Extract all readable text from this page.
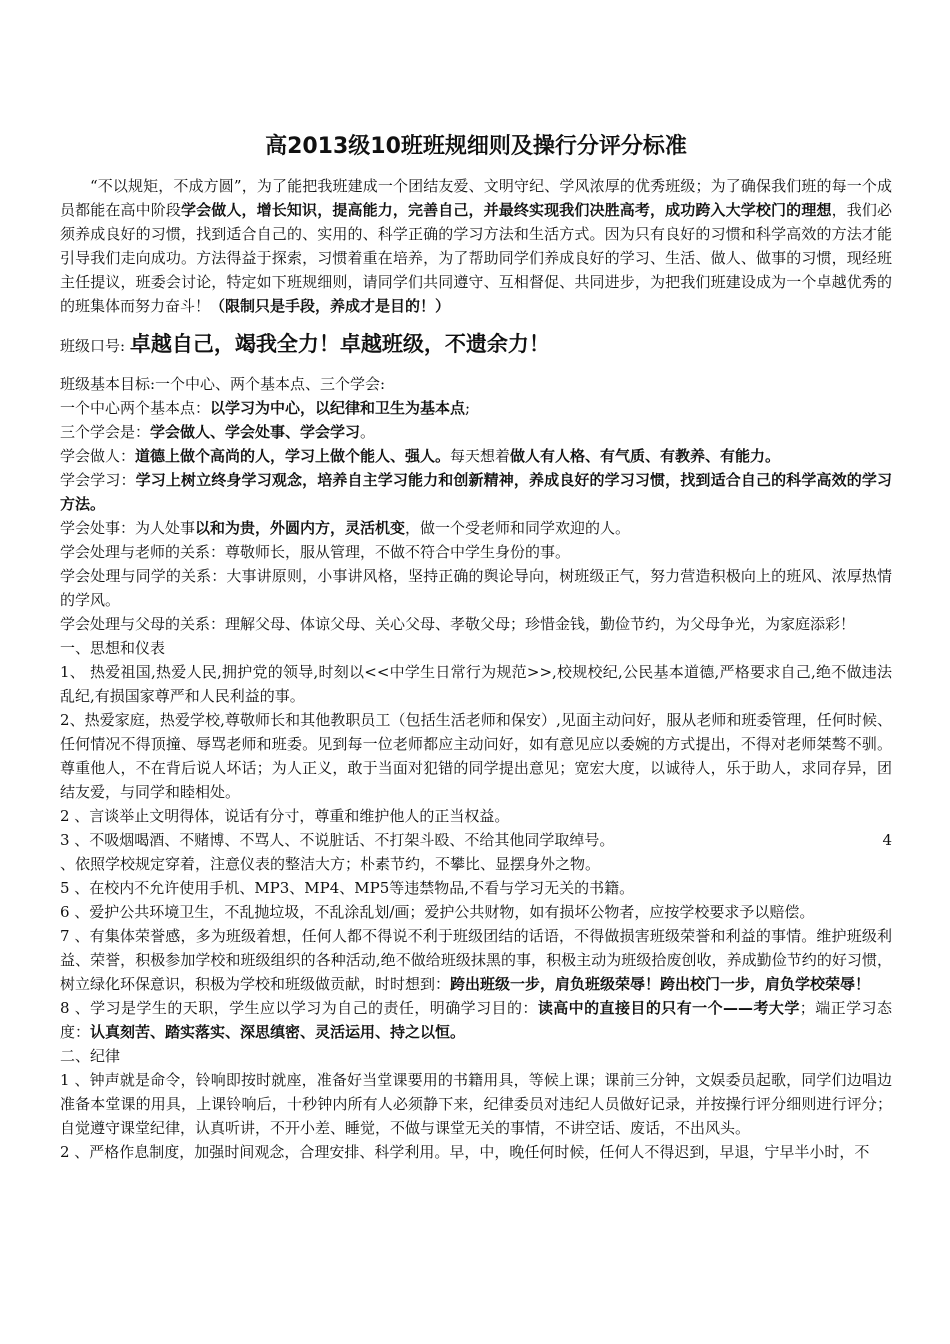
高2013级10班班规细则及操行分评分标准

“不以规矩，不成方圆”，为了能把我班建成一个团结友爱、文明守纪、学风浓厚的优秀班级；为了确保我们班的每一个成员都能在高中阶段学会做人，增长知识，提高能力，完善自己，并最终实现我们决胜高考，成功跨入大学校门的理想，我们必须养成良好的习惯，找到适合自己的、实用的、科学正确的学习方法和生活方式。因为只有良好的习惯和科学高效的方法才能引导我们走向成功。方法得益于探索，习惯着重在培养，为了帮助同学们养成良好的学习、生活、做人、做事的习惯，现经班主任提议，班委会讨论，特定如下班规细则，请同学们共同遵守、互相督促、共同进步，为把我们班建设成为一个卓越优秀的的班集体而努力奋斗！（限制只是手段，养成才是目的！）

班级口号: 卓越自己，竭我全力！卓越班级，不遗余力！

班级基本目标:一个中心、两个基本点、三个学会:

一个中心两个基本点：以学习为中心，以纪律和卫生为基本点;

三个学会是：学会做人、学会处事、学会学习。

学会做人：道德上做个高尚的人，学习上做个能人、强人。每天想着做人有人格、有气质、有教养、有能力。

学会学习：学习上树立终身学习观念，培养自主学习能力和创新精神，养成良好的学习习惯，找到适合自己的科学高效的学习方法。

学会处事：为人处事以和为贵，外圆内方，灵活机变，做一个受老师和同学欢迎的人。

学会处理与老师的关系：尊敬师长，服从管理，不做不符合中学生身份的事。

学会处理与同学的关系：大事讲原则，小事讲风格，坚持正确的舆论导向，树班级正气，努力营造积极向上的班风、浓厚热情的学风。

学会处理与父母的关系：理解父母、体谅父母、关心父母、孝敬父母；珍惜金钱，勤俭节约，为父母争光，为家庭添彩！

一、思想和仪表

1、 热爱祖国,热爱人民,拥护党的领导,时刻以<<中学生日常行为规范>>,校规校纪,公民基本道德,严格要求自己,绝不做违法乱纪,有损国家尊严和人民利益的事。

2、热爱家庭，热爱学校,尊敬师长和其他教职员工（包括生活老师和保安）,见面主动问好，服从老师和班委管理，任何时候、任何情况不得顶撞、辱骂老师和班委。见到每一位老师都应主动问好，如有意见应以委婉的方式提出，不得对老师桀骜不驯。尊重他人，不在背后说人坏话；为人正义，敢于当面对犯错的同学提出意见；宽宏大度，以诚待人，乐于助人，求同存异，团结友爱，与同学和睦相处。

2 、言谈举止文明得体，说话有分寸，尊重和维护他人的正当权益。

3 、不吸烟喝酒、不赌博、不骂人、不说脏话、不打架斗殴、不给其他同学取绰号。	4

、依照学校规定穿着，注意仪表的整洁大方；朴素节约，不攀比、显摆身外之物。

5 、在校内不允许使用手机、MP3、MP4、MP5等违禁物品,不看与学习无关的书籍。

6 、爱护公共环境卫生，不乱抛垃圾，不乱涂乱划/画；爱护公共财物，如有损坏公物者，应按学校要求予以赔偿。

7 、有集体荣誉感，多为班级着想，任何人都不得说不利于班级团结的话语，不得做损害班级荣誉和利益的事情。维护班级利益、荣誉，积极参加学校和班级组织的各种活动,绝不做给班级抹黑的事，积极主动为班级拾废创收，养成勤俭节约的好习惯，树立绿化环保意识，积极为学校和班级做贡献，时时想到：跨出班级一步，肩负班级荣辱！跨出校门一步，肩负学校荣辱！

8 、学习是学生的天职，学生应以学习为自己的责任，明确学习目的：读高中的直接目的只有一个——考大学；端正学习态度：认真刻苦、踏实落实、深思缜密、灵活运用、持之以恒。

二、纪律

1 、钟声就是命令，铃响即按时就座，准备好当堂课要用的书籍用具，等候上课；课前三分钟，文娱委员起歌，同学们边唱边准备本堂课的用具，上课铃响后，十秒钟内所有人必须静下来，纪律委员对违纪人员做好记录，并按操行评分细则进行评分；自觉遵守课堂纪律，认真听讲，不开小差、睡觉，不做与课堂无关的事情，不讲空话、废话，不出风头。

2 、严格作息制度，加强时间观念，合理安排、科学利用。早，中，晚任何时候，任何人不得迟到，早退，宁早半小时，不
